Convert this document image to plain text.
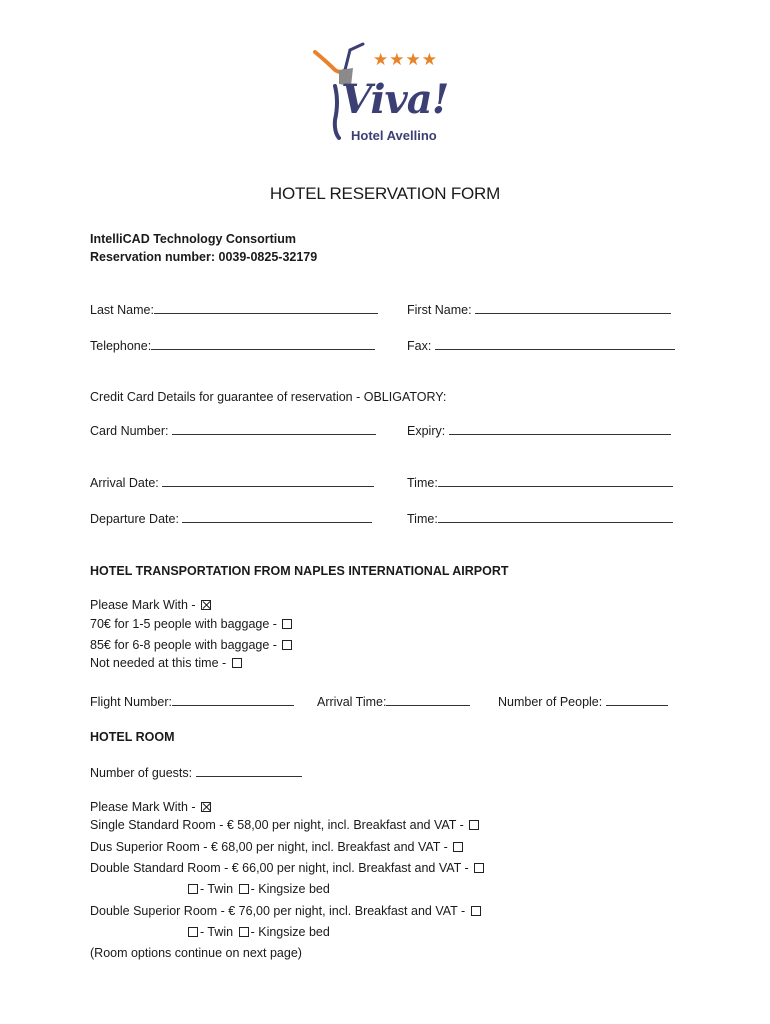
★★★★
Viva!
Hotel Avellino
HOTEL RESERVATION FORM
IntelliCAD Technology Consortium
Reservation number: 0039-0825-32179
Last Name:	First Name:
Telephone:	Fax:
Credit Card Details for guarantee of reservation - OBLIGATORY:
Card Number:	Expiry:
Arrival Date:	Time:
Departure Date:	Time:
HOTEL TRANSPORTATION FROM NAPLES INTERNATIONAL AIRPORT
Please Mark With -
70€ for 1-5 people with baggage -
85€ for 6-8 people with baggage -
Not needed at this time -
Flight Number:	Arrival Time:	Number of People:
HOTEL ROOM
Number of guests:
Please Mark With -
Single Standard Room - € 58,00 per night, incl. Breakfast and VAT -
Dus Superior Room - € 68,00 per night, incl. Breakfast and VAT -
Double Standard Room - € 66,00 per night, incl. Breakfast and VAT -
- Twin - Kingsize bed
Double Superior Room - € 76,00 per night, incl. Breakfast and VAT -
- Twin - Kingsize bed
(Room options continue on next page)
